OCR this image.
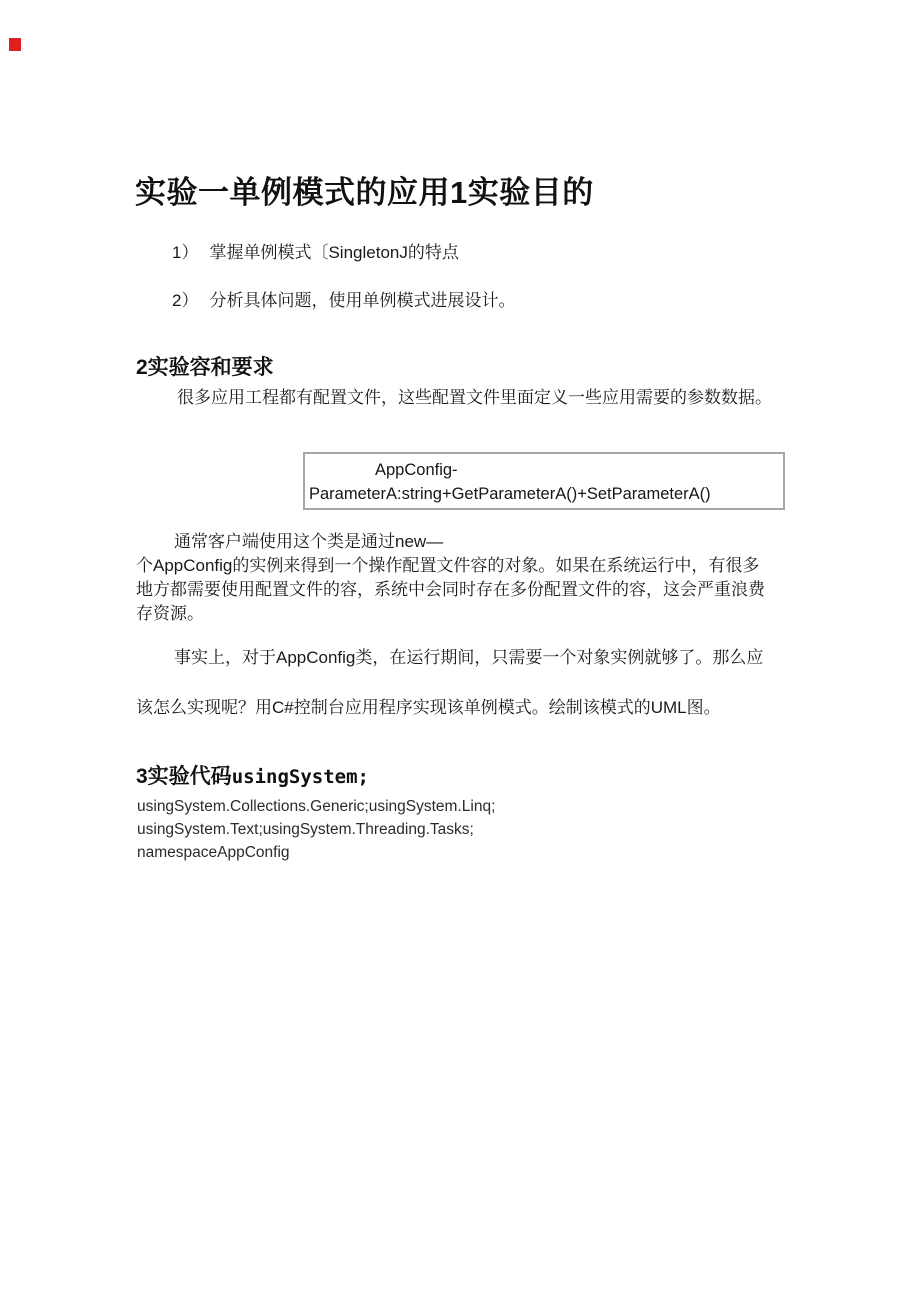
实验一单例模式的应用1实验目的
1） 掌握单例模式〔SingletonJ的特点
2） 分析具体问题，使用单例模式进展设计。
2实验容和要求
很多应用工程都有配置文件，这些配置文件里面定义一些应用需要的参数数据。
AppConfig-
ParameterA:string+GetParameterA()+SetParameterA()
通常客户端使用这个类是通过new—
个AppConfig的实例来得到一个操作配置文件容的对象。如果在系统运行中，有很多
地方都需要使用配置文件的容，系统中会同时存在多份配置文件的容，这会严重浪费
存资源。
事实上，对于AppConfig类，在运行期间，只需要一个对象实例就够了。那么应
该怎么实现呢？用C#控制台应用程序实现该单例模式。绘制该模式的UML图。
3实验代码usingSystem;
usingSystem.Collections.Generic;usingSystem.Linq;
usingSystem.Text;usingSystem.Threading.Tasks;
namespaceAppConfig
